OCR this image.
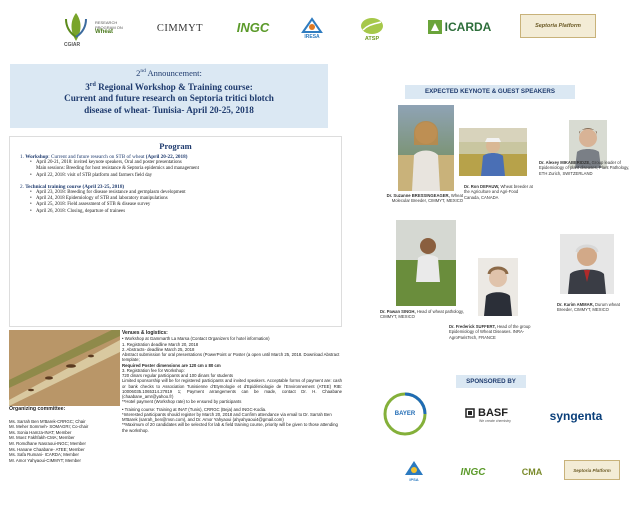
RESEARCH
PROGRAM ON
Wheat
CGIAR
CIMMYT	INGC
IRESA	ATSP
ICARDA	Septoria Platform
2nd Announcement:
3rd Regional Workshop & Training course:
Current and future research on Septoria tritici blotch
disease of wheat- Tunisia- April 20-25, 2018
EXPECTED KEYNOTE & GUEST SPEAKERS
Program
1. Workshop: Current and future research on STB of wheat (April 20-22, 2018)
• April 20-21, 2018: invited keynote speakers, Oral and poster presentations
Main sessions: Breeding for host resistance & Septoria epidemics and management
• April 22, 2018: visit of STB platform and farmers field day
2. Technical training course (April 23-25, 2018)
• April 23, 2018: Breeding for disease resistance and germplasm development
• April 24, 2018 Epidemiology of STB and laboratory manipulations
• April 25, 2018: Field assessment of STB & disease survey
• April 26, 2018: Closing, departure of trainees
Dr. Suzanne BRESSINGEAGER, Wheat Molecular Breeder, CIMMYT, MEXICO
Dr. Ron DEPAUW, Wheat breeder at the Agriculture and Agri-Food Canada, CANADA
Dr. Alexey MIKABERIDZE, Group leader of Epidemiology of plant diseases, Plant Pathology, ETH Zurich, SWITZERLAND
Dr. Pawan SINGH, Head of wheat pathology, CIMMYT, MEXICO
Dr. Frederick SUFFERT, Head of the group Epidemiology of Wheat Diseases. INRA-AgroParisTech, FRANCE
Dr. Karim AMMAR, Durum wheat Breeder, CIMMYT, MEXICO

Venues & logistics:

• Workshop at Gammarth La Marsa (Contact Organizers for hotel information)

1. Registration deadline March 20, 2018

2. Abstracts- deadline March 25, 2018

Abstract submission for oral presentations (PowerPoint or Poster (a open until March 25, 2018. Download Abstract template;

Required Poster dimensions are 120 cm x 80 cm

3. Registration fee for Workshop:

720 dinars regular participants and 100 dinars for students

Limited sponsorship will be for registered participants and invited speakers. Acceptable forms of payment are: cash or bank checks to Association Tunisienne d'Etymologie et d'Epidémiologie de l'Environnement (ATEE) RIB: 10006035.1065314.27819 1; Payment arrangements can be made, contact Dr. H. Chaabane (chaabane_amr@yahoo.fr)

**Hotel payment (Workshop rate) to be ensured by participants

• Training course: Training at INAT (Tunis), CRRGC (Beja) and INGC-Kodia.

*Interested participants should register by March 20, 2018 and Confirm attendance via email to Dr. Sarrah Ben M'Barek (sarrah_ben@msn.com), and Dr. Amor Yahyaoui (ahyahyaoui4@gmail.com)

**Maximum of 20 candidates will be selected for lab & field training course, priority will be given to those attending the workshop.

Organizing committee:
Ms. Sarrah Ben M'Barek-CRRGC; Chair
Mr. Meher Sommeh- SOMAGRI; Co-chair
Ms. Sonia Hamza-INAT; Member
Mr. Moez Fakhfakh-CMA; Member
Mr. Romdhane Nasraoui-INGC; Member
Ms. Hanane Chaabane- ATEE; Member
Ms. Safa Rumani- ICARDA; Member
Mr. Amor Yahyaoui-CIMMYT; Member
SPONSORED BY
BAYER	BASF
We create chemistry	syngenta
IPSA
INGC	CMA	Septoria Platform
